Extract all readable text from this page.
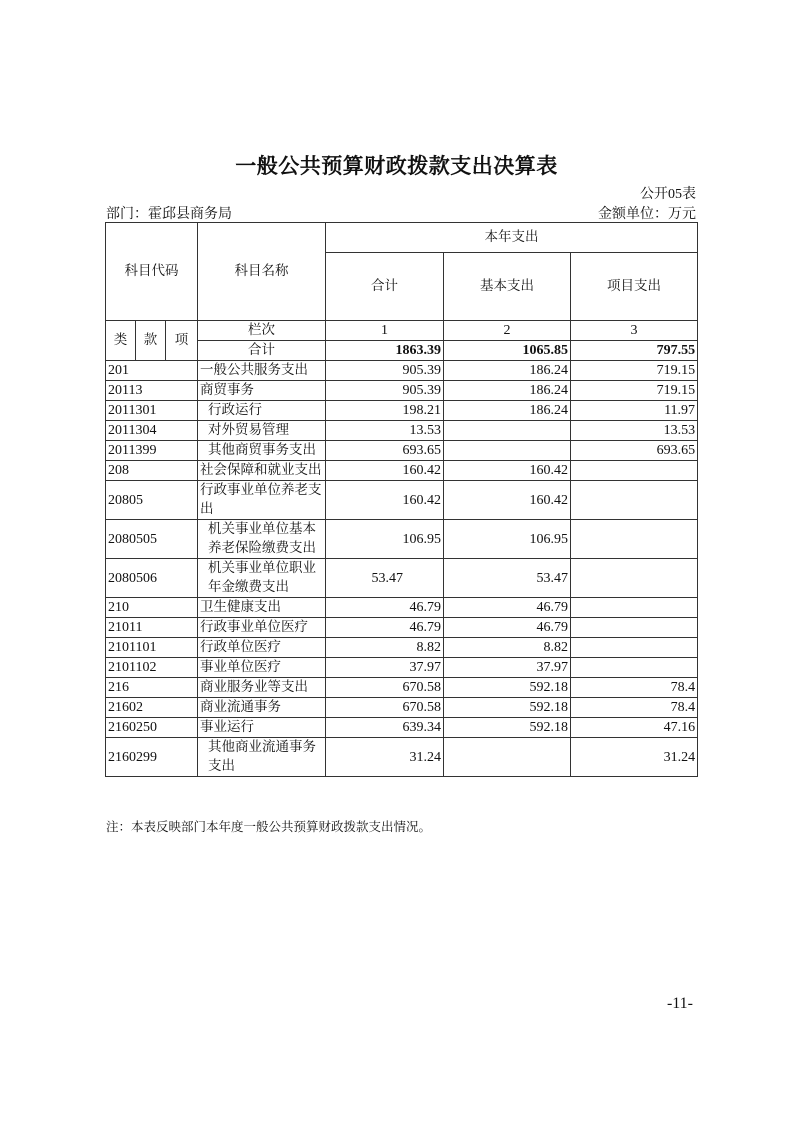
一般公共预算财政拨款支出决算表
公开05表
部门：霍邱县商务局	金额单位：万元
科目代码			科目名称	本年支出		
				合计	基本支出	项目支出
类	款	项	栏次	1	2	3
			合计	1863.39	1065.85	797.55
201			一般公共服务支出	905.39	186.24	719.15
20113			商贸事务	905.39	186.24	719.15
2011301			行政运行	198.21	186.24	11.97
2011304			对外贸易管理	13.53		13.53
2011399			其他商贸事务支出	693.65		693.65
208			社会保障和就业支出	160.42	160.42	
20805			行政事业单位养老支出	160.42	160.42	
2080505			机关事业单位基本养老保险缴费支出	106.95	106.95	
2080506			机关事业单位职业年金缴费支出	53.47	53.47	
210			卫生健康支出	46.79	46.79	
21011			行政事业单位医疗	46.79	46.79	
2101101			行政单位医疗	8.82	8.82	
2101102			事业单位医疗	37.97	37.97	
216			商业服务业等支出	670.58	592.18	78.4
21602			商业流通事务	670.58	592.18	78.4
2160250			事业运行	639.34	592.18	47.16
2160299			其他商业流通事务支出	31.24		31.24
注：本表反映部门本年度一般公共预算财政拨款支出情况。
-11-
